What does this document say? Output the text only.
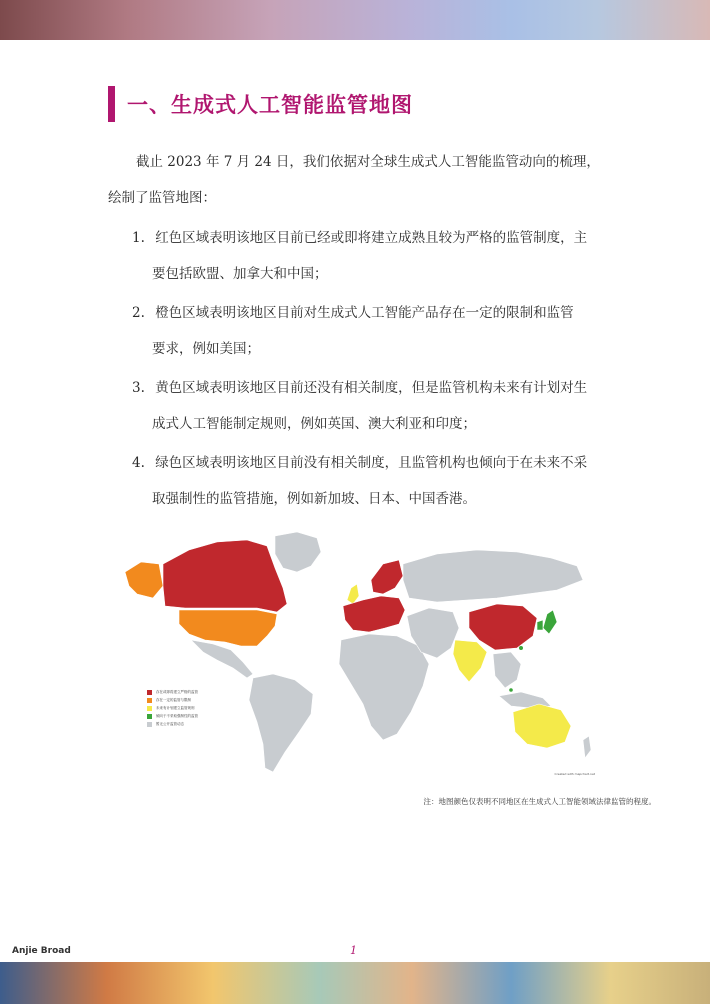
一、生成式人工智能监管地图
截止 2023 年 7 月 24 日，我们依据对全球生成式人工智能监管动向的梳理，
绘制了监管地图：
1. 红色区域表明该地区目前已经或即将建立成熟且较为严格的监管制度，主
要包括欧盟、加拿大和中国；
2. 橙色区域表明该地区目前对生成式人工智能产品存在一定的限制和监管
要求，例如美国；
3. 黄色区域表明该地区目前还没有相关制度，但是监管机构未来有计划对生
成式人工智能制定规则，例如英国、澳大利亚和印度；
4. 绿色区域表明该地区目前没有相关制度，且监管机构也倾向于在未来不采
取强制性的监管措施，例如新加坡、日本、中国香港。
存在或即将建立严格的监管
存在一定的监管与限制
未来有计划建立监管规则
倾向于不采取强制性的监管
暂无公开监管动态
Created with mapchart.net
注：地图颜色仅表明不同地区在生成式人工智能领域法律监管的程度。
Anjie Broad	1
